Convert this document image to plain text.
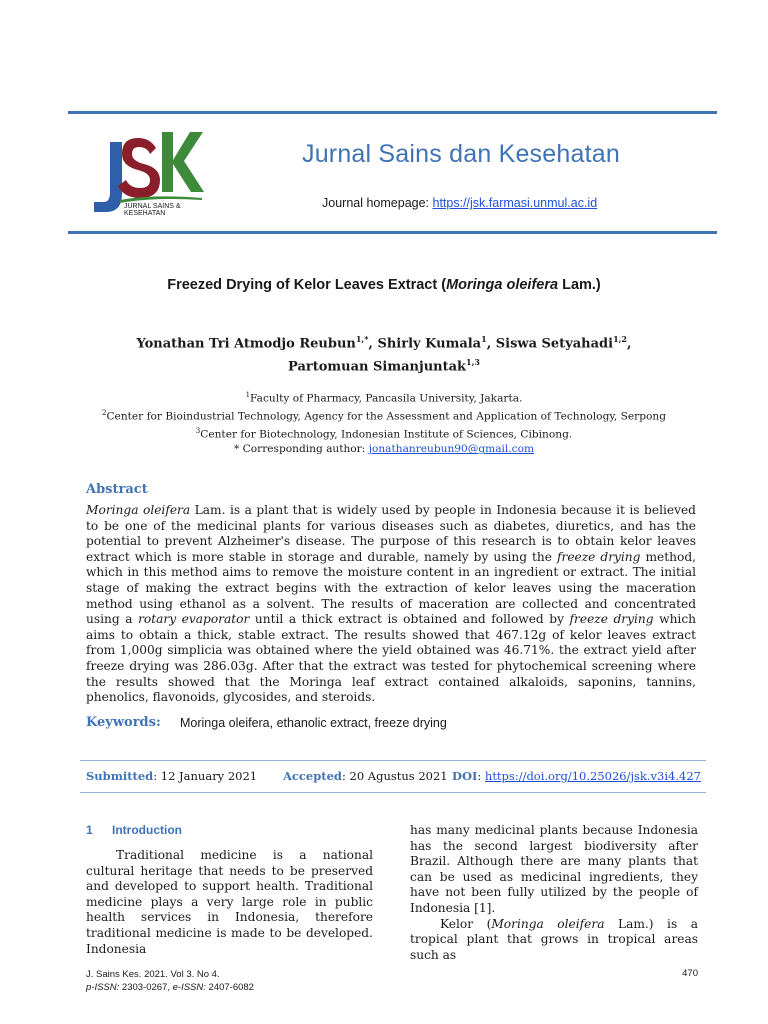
JURNAL SAINS &
KESEHATAN
Jurnal Sains dan Kesehatan
Journal homepage: https://jsk.farmasi.unmul.ac.id
Freezed Drying of Kelor Leaves Extract (Moringa oleifera Lam.)
Yonathan Tri Atmodjo Reubun$^{1,*}$, Shirly Kumala$^1$, Siswa Setyahadi$^{1,2}$,
Partomuan Simanjuntak$^{1,3}$
$^1$Faculty of Pharmacy, Pancasila University, Jakarta.
$^2$Center for Bioindustrial Technology, Agency for the Assessment and Application of Technology, Serpong
$^3$Center for Biotechnology, Indonesian Institute of Sciences, Cibinong.
* Corresponding author: jonathanreubun90@gmail.com
Abstract
Moringa oleifera Lam. is a plant that is widely used by people in Indonesia because it is believed to be one of the medicinal plants for various diseases such as diabetes, diuretics, and has the potential to prevent Alzheimer's disease. The purpose of this research is to obtain kelor leaves extract which is more stable in storage and durable, namely by using the freeze drying method, which in this method aims to remove the moisture content in an ingredient or extract. The initial stage of making the extract begins with the extraction of kelor leaves using the maceration method using ethanol as a solvent. The results of maceration are collected and concentrated using a rotary evaporator until a thick extract is obtained and followed by freeze drying which aims to obtain a thick, stable extract. The results showed that 467.12g of kelor leaves extract from 1,000g simplicia was obtained where the yield obtained was 46.71%. the extract yield after freeze drying was 286.03g. After that the extract was tested for phytochemical screening where the results showed that the Moringa leaf extract contained alkaloids, saponins, tannins, phenolics, flavonoids, glycosides, and steroids.
Keywords: Moringa oleifera, ethanolic extract, freeze drying
Submitted: 12 January 2021 Accepted: 20 Agustus 2021 DOI: https://doi.org/10.25026/jsk.v3i4.427
1 Introduction

Traditional medicine is a national cultural heritage that needs to be preserved and developed to support health. Traditional medicine plays a very large role in public health services in Indonesia, therefore traditional medicine is made to be developed. Indonesia

has many medicinal plants because Indonesia has the second largest biodiversity after Brazil. Although there are many plants that can be used as medicinal ingredients, they have not been fully utilized by the people of Indonesia [1].

Kelor (Moringa oleifera Lam.) is a tropical plant that grows in tropical areas such as

J. Sains Kes. 2021. Vol 3. No 4.
p-ISSN: 2303-0267, e-ISSN: 2407-6082
470
